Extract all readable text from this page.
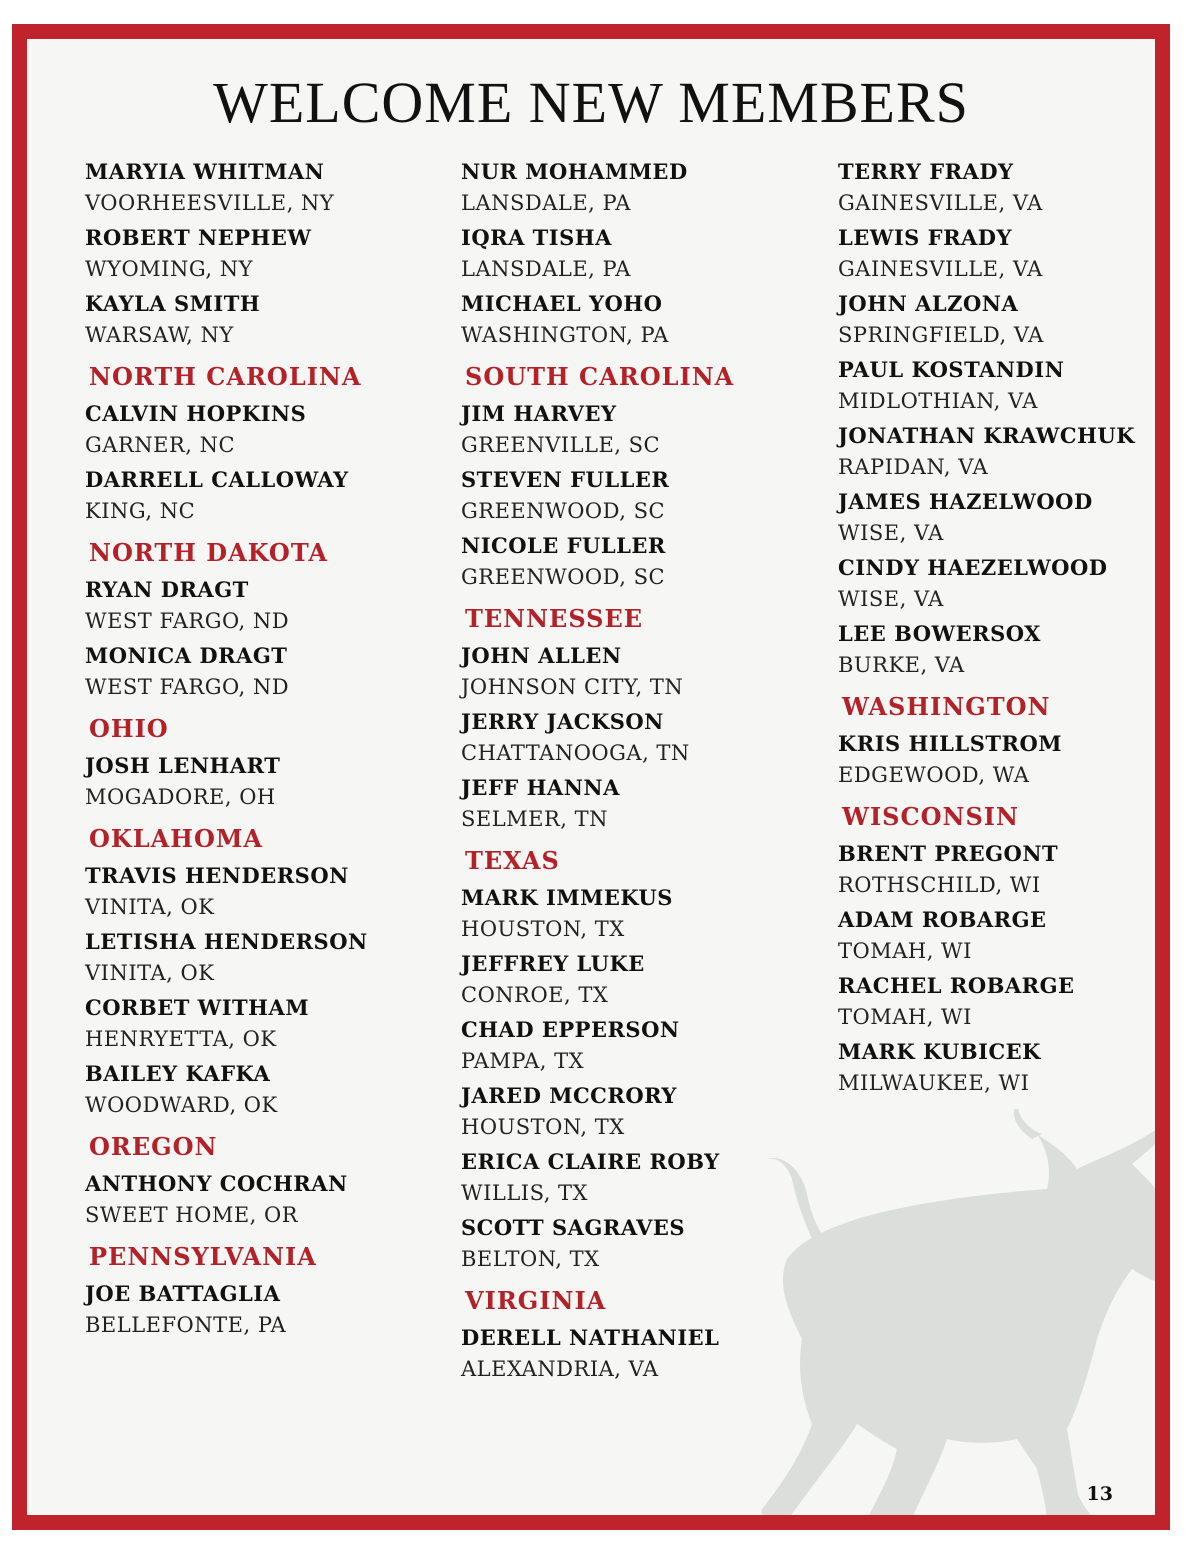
WELCOME NEW MEMBERS
MARYIA WHITMAN
VOORHEESVILLE, NY
ROBERT NEPHEW
WYOMING, NY
KAYLA SMITH
WARSAW, NY
NORTH CAROLINA
CALVIN HOPKINS
GARNER, NC
DARRELL CALLOWAY
KING, NC
NORTH DAKOTA
RYAN DRAGT
WEST FARGO, ND
MONICA DRAGT
WEST FARGO, ND
OHIO
JOSH LENHART
MOGADORE, OH
OKLAHOMA
TRAVIS HENDERSON
VINITA, OK
LETISHA HENDERSON
VINITA, OK
CORBET WITHAM
HENRYETTA, OK
BAILEY KAFKA
WOODWARD, OK
OREGON
ANTHONY COCHRAN
SWEET HOME, OR
PENNSYLVANIA
JOE BATTAGLIA
BELLEFONTE, PA
NUR MOHAMMED
LANSDALE, PA
IQRA TISHA
LANSDALE, PA
MICHAEL YOHO
WASHINGTON, PA
SOUTH CAROLINA
JIM HARVEY
GREENVILLE, SC
STEVEN FULLER
GREENWOOD, SC
NICOLE FULLER
GREENWOOD, SC
TENNESSEE
JOHN ALLEN
JOHNSON CITY, TN
JERRY JACKSON
CHATTANOOGA, TN
JEFF HANNA
SELMER, TN
TEXAS
MARK IMMEKUS
HOUSTON, TX
JEFFREY LUKE
CONROE, TX
CHAD EPPERSON
PAMPA, TX
JARED MCCRORY
HOUSTON, TX
ERICA CLAIRE ROBY
WILLIS, TX
SCOTT SAGRAVES
BELTON, TX
VIRGINIA
DERELL NATHANIEL
ALEXANDRIA, VA
TERRY FRADY
GAINESVILLE, VA
LEWIS FRADY
GAINESVILLE, VA
JOHN ALZONA
SPRINGFIELD, VA
PAUL KOSTANDIN
MIDLOTHIAN, VA
JONATHAN KRAWCHUK
RAPIDAN, VA
JAMES HAZELWOOD
WISE, VA
CINDY HAEZELWOOD
WISE, VA
LEE BOWERSOX
BURKE, VA
WASHINGTON
KRIS HILLSTROM
EDGEWOOD, WA
WISCONSIN
BRENT PREGONT
ROTHSCHILD, WI
ADAM ROBARGE
TOMAH, WI
RACHEL ROBARGE
TOMAH, WI
MARK KUBICEK
MILWAUKEE, WI
13
